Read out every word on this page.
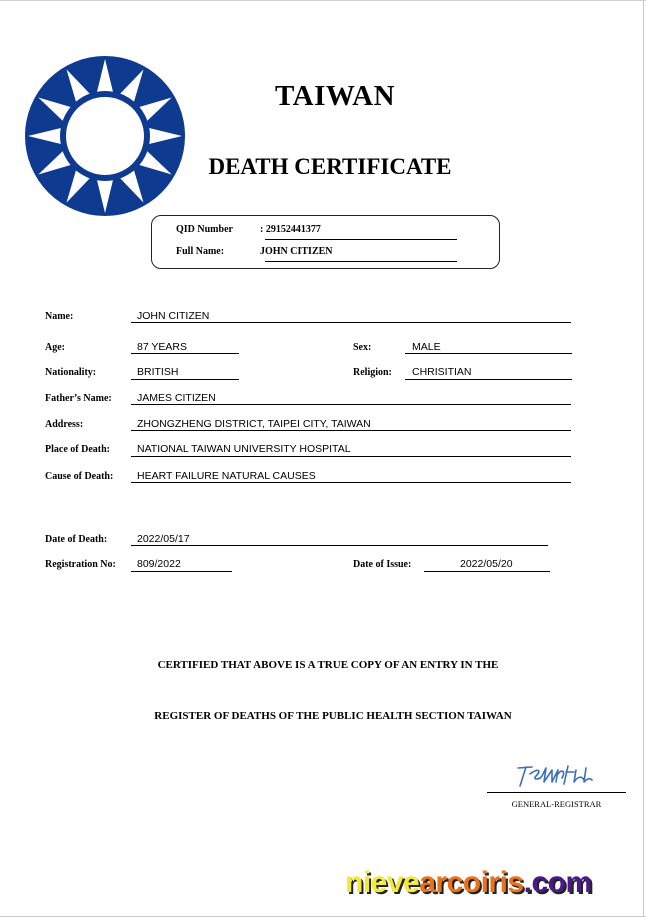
TAIWAN
DEATH CERTIFICATE
QID Number	: 29152441377
Full Name:	JOHN CITIZEN
Name:	JOHN CITIZEN
Age:	87 YEARS	Sex:	MALE
Nationality:	BRITISH	Religion: CHRISITIAN
Father’s Name: JAMES CITIZEN
Address:	ZHONGZHENG DISTRICT, TAIPEI CITY, TAIWAN
Place of Death:	NATIONAL TAIWAN UNIVERSITY HOSPITAL
Cause of Death: HEART FAILURE NATURAL CAUSES
Date of Death:	2022/05/17
Registration No: 809/2022	Date of Issue:	2022/05/20
CERTIFIED THAT ABOVE IS A TRUE COPY OF AN ENTRY IN THE
REGISTER OF DEATHS OF THE PUBLIC HEALTH SECTION TAIWAN
GENERAL-REGISTRAR
nievearcoiris.com
